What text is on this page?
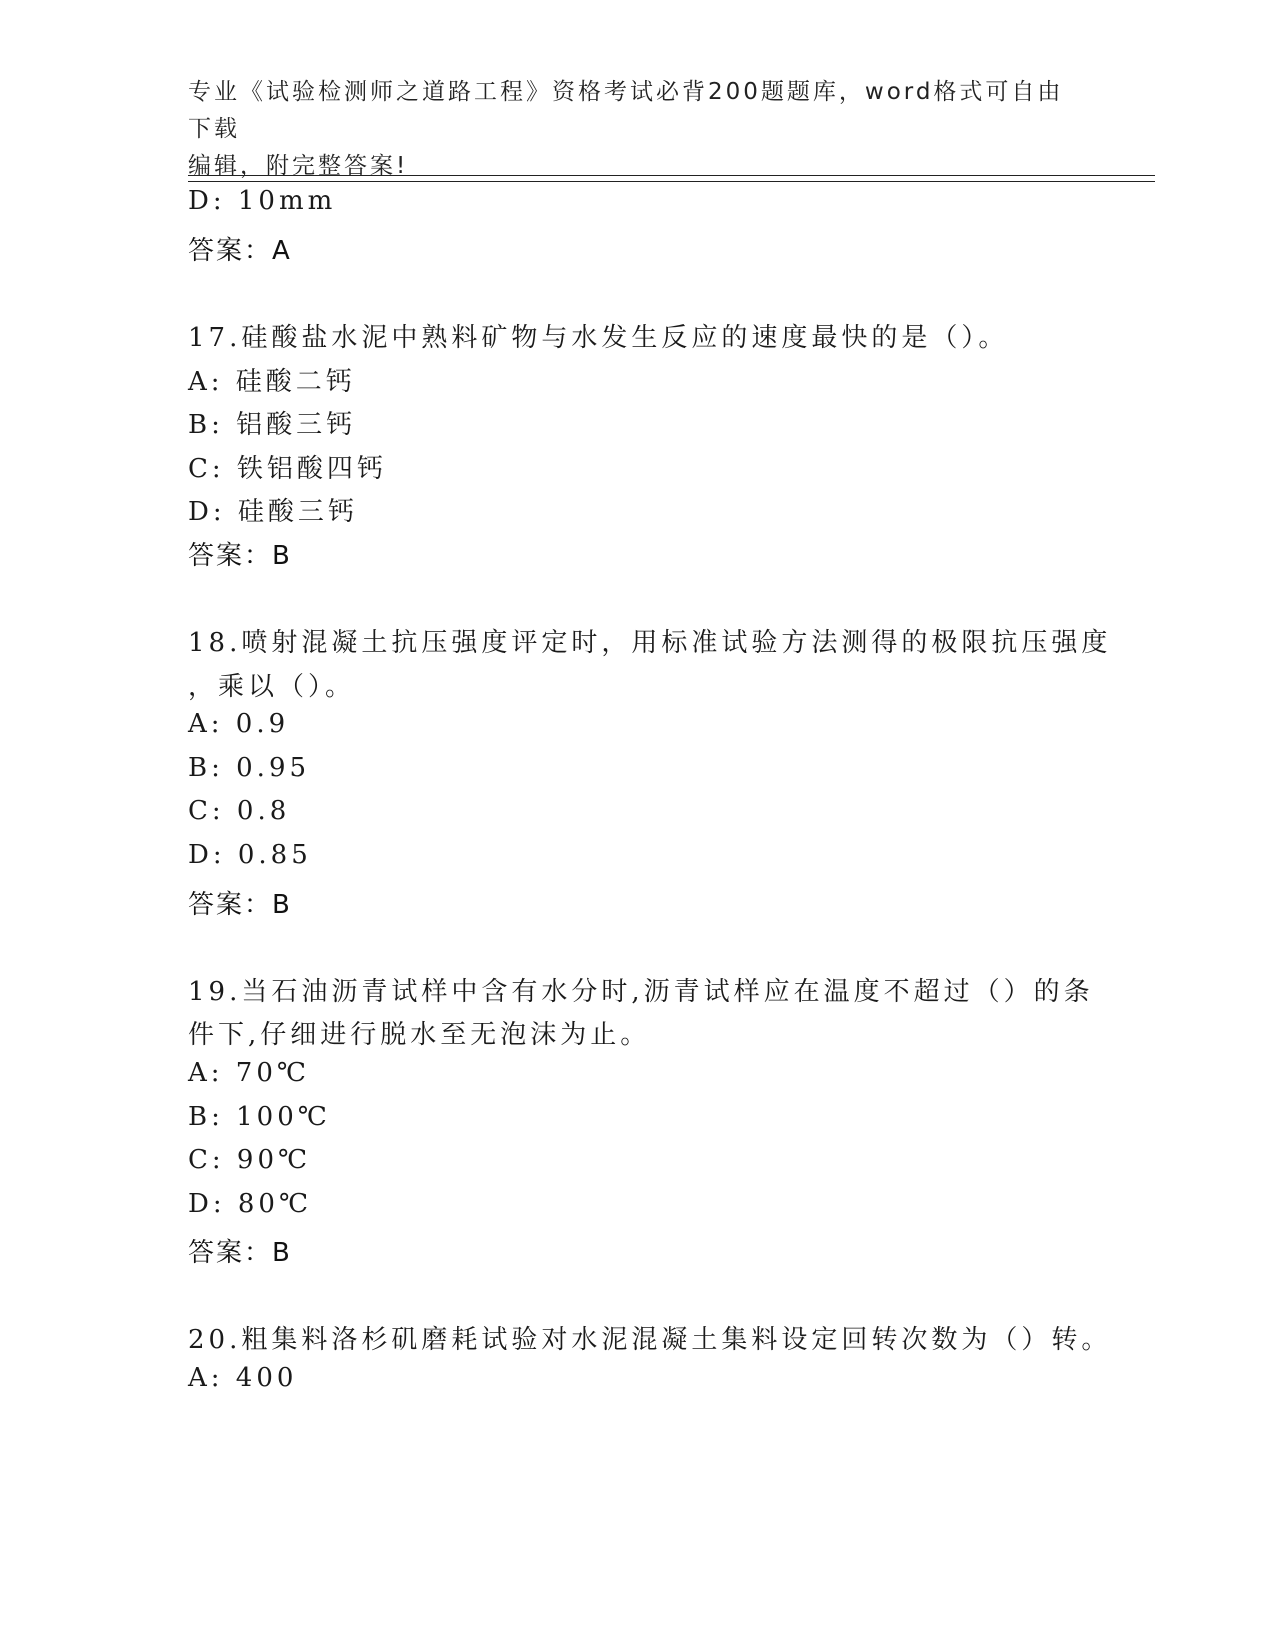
专业《试验检测师之道路工程》资格考试必背200题题库，word格式可自由下载
编辑，附完整答案!
D: 10mm
答案：A
17.硅酸盐水泥中熟料矿物与水发生反应的速度最快的是（）。
A: 硅酸二钙
B: 铝酸三钙
C: 铁铝酸四钙
D: 硅酸三钙
答案：B
18.喷射混凝土抗压强度评定时，用标准试验方法测得的极限抗压强度
，乘以（）。
A: 0.9
B: 0.95
C: 0.8
D: 0.85
答案：B
19.当石油沥青试样中含有水分时,沥青试样应在温度不超过（）的条
件下,仔细进行脱水至无泡沫为止。
A: 70℃
B: 100℃
C: 90℃
D: 80℃
答案：B
20.粗集料洛杉矶磨耗试验对水泥混凝土集料设定回转次数为（）转。
A: 400
